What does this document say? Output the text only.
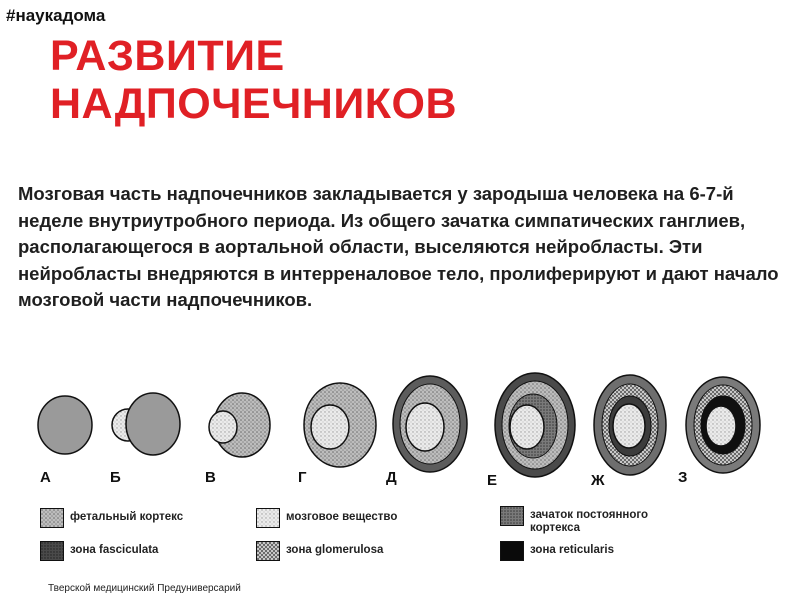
#наукадома
РАЗВИТИЕ
НАДПОЧЕЧНИКОВ
Мозговая часть надпочечников закладывается у зародыша человека на 6-7-й неделе внутриутробного периода. Из общего зачатка симпатических ганглиев, располагающегося в аортальной области, выселяются нейробласты. Эти нейробласты внедряются в интерреналовое тело, пролиферируют и дают начало мозговой части надпочечников.
А	Б	В	Г	Д	Е	Ж	З
фетальный кортекс	мозговое вещество	зачаток постоянного кортекса
зона fasciculata	зона glomerulosa	зона reticularis
Тверской медицинский Предуниверсарий
